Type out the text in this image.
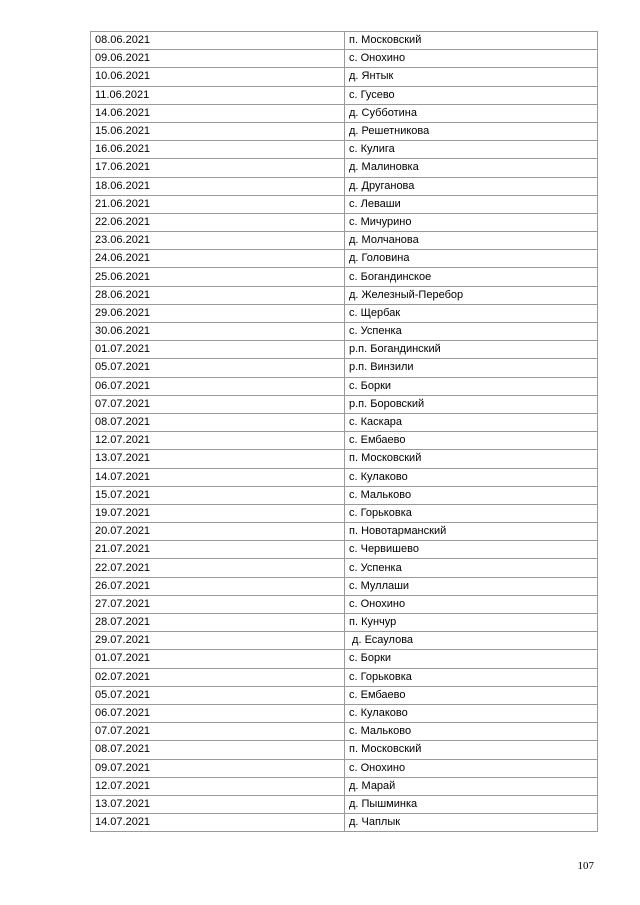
08.06.2021	п. Московский
09.06.2021	с. Онохино
10.06.2021	д. Янтык
11.06.2021	с. Гусево
14.06.2021	д. Субботина
15.06.2021	д. Решетникова
16.06.2021	с. Кулига
17.06.2021	д. Малиновка
18.06.2021	д. Друганова
21.06.2021	с. Леваши
22.06.2021	с. Мичурино
23.06.2021	д. Молчанова
24.06.2021	д. Головина
25.06.2021	с. Богандинское
28.06.2021	д. Железный-Перебор
29.06.2021	с. Щербак
30.06.2021	с. Успенка
01.07.2021	р.п. Богандинский
05.07.2021	р.п. Винзили
06.07.2021	с. Борки
07.07.2021	р.п. Боровский
08.07.2021	с. Каскара
12.07.2021	с. Ембаево
13.07.2021	п. Московский
14.07.2021	с. Кулаково
15.07.2021	с. Мальково
19.07.2021	с. Горьковка
20.07.2021	п. Новотарманский
21.07.2021	с. Червишево
22.07.2021	с. Успенка
26.07.2021	с. Муллаши
27.07.2021	с. Онохино
28.07.2021	п. Кунчур
29.07.2021	д. Есаулова
01.07.2021	с. Борки
02.07.2021	с. Горьковка
05.07.2021	с. Ембаево
06.07.2021	с. Кулаково
07.07.2021	с. Мальково
08.07.2021	п. Московский
09.07.2021	с. Онохино
12.07.2021	д. Марай
13.07.2021	д. Пышминка
14.07.2021	д. Чаплык
107
